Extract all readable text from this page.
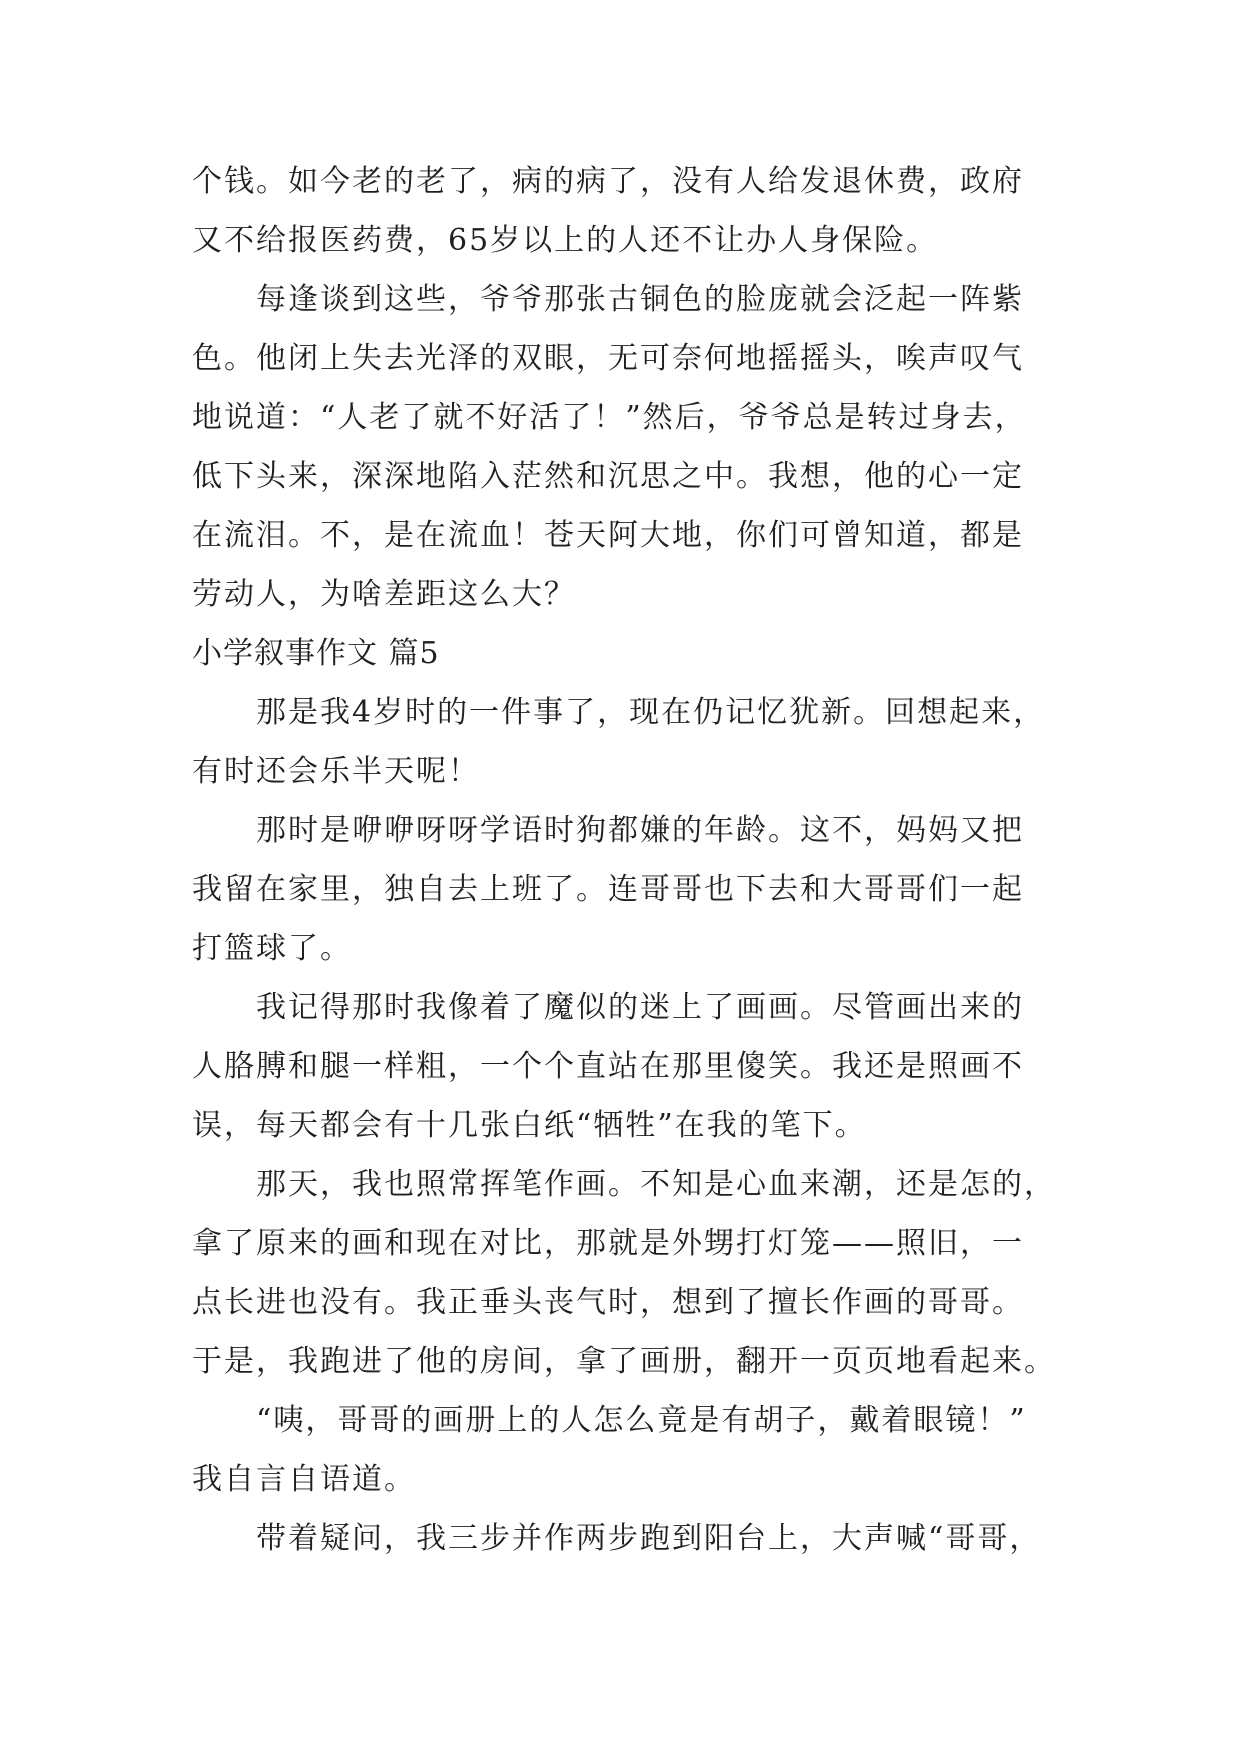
个钱。如今老的老了，病的病了，没有人给发退休费，政府
又不给报医药费，65岁以上的人还不让办人身保险。
每逢谈到这些，爷爷那张古铜色的脸庞就会泛起一阵紫
色。他闭上失去光泽的双眼，无可奈何地摇摇头，唉声叹气
地说道：“人老了就不好活了！”然后，爷爷总是转过身去，
低下头来，深深地陷入茫然和沉思之中。我想，他的心一定
在流泪。不，是在流血！苍天阿大地，你们可曾知道，都是
劳动人，为啥差距这么大？
小学叙事作文 篇5
那是我4岁时的一件事了，现在仍记忆犹新。回想起来，
有时还会乐半天呢！
那时是咿咿呀呀学语时狗都嫌的年龄。这不，妈妈又把
我留在家里，独自去上班了。连哥哥也下去和大哥哥们一起
打篮球了。
我记得那时我像着了魔似的迷上了画画。尽管画出来的
人胳膊和腿一样粗，一个个直站在那里傻笑。我还是照画不
误，每天都会有十几张白纸“牺牲”在我的笔下。
那天，我也照常挥笔作画。不知是心血来潮，还是怎的，
拿了原来的画和现在对比，那就是外甥打灯笼——照旧，一
点长进也没有。我正垂头丧气时，想到了擅长作画的哥哥。
于是，我跑进了他的房间，拿了画册，翻开一页页地看起来。
“咦，哥哥的画册上的人怎么竟是有胡子，戴着眼镜！”
我自言自语道。
带着疑问，我三步并作两步跑到阳台上，大声喊“哥哥，
